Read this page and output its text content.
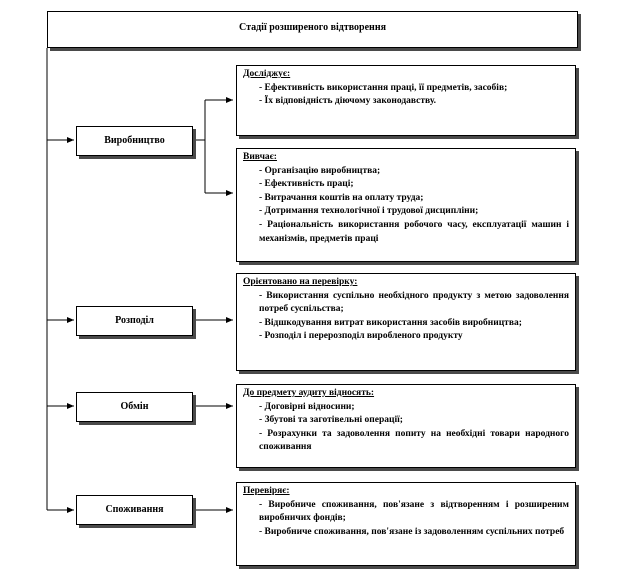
Стадії розширеного відтворення
Виробництво
Розподіл
Обмін
Споживання
Досліджує:
- Ефективність використання праці, її предметів, засобів;
- Їх відповідність діючому законодавству.
Вивчає:
- Організацію виробництва;
- Ефективність праці;
- Витрачання коштів на оплату труда;
- Дотримання технологічної і трудової дисципліни;
- Раціональність використання робочого часу, експлуатації машин і механізмів, предметів праці
Орієнтовано на перевірку:
- Використання суспільно необхідного продукту з метою задоволення потреб суспільства;
- Відшкодування витрат використання засобів виробництва;
- Розподіл і перерозподіл виробленого продукту
До предмету аудиту відносять:
- Договірні відносини;
- Збутові та заготівельні операції;
- Розрахунки та задоволення попиту на необхідні товари народного споживання
Перевіряє:
- Виробниче споживання, пов'язане з відтворенням і розширеним виробничих фондів;
- Виробниче споживання, пов'язане із задоволенням суспільних потреб
